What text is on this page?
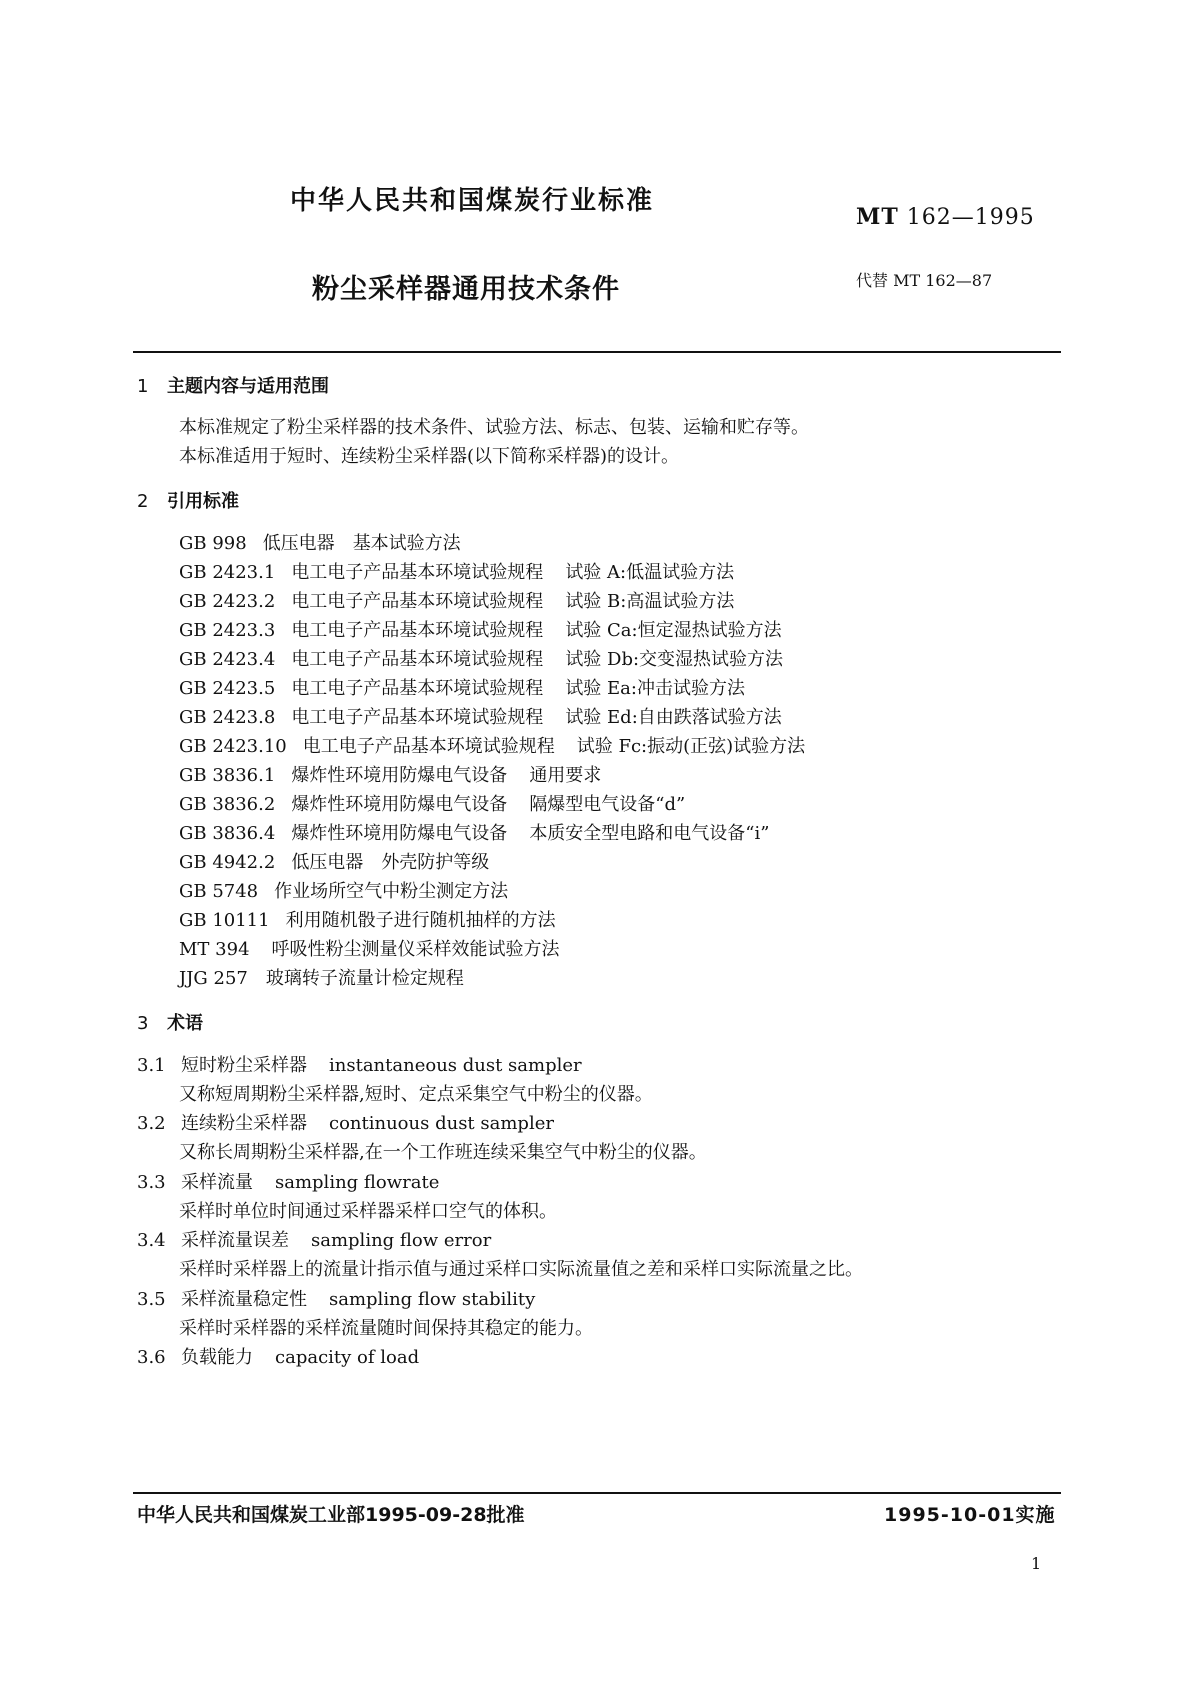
中华人民共和国煤炭行业标准
MT 162—1995
粉尘采样器通用技术条件	代替 MT 162—87
1 主题内容与适用范围
本标准规定了粉尘采样器的技术条件、试验方法、标志、包装、运输和贮存等。
本标准适用于短时、连续粉尘采样器(以下简称采样器)的设计。
2 引用标准
GB 998 低压电器 基本试验方法
GB 2423.1 电工电子产品基本环境试验规程 试验 A:低温试验方法
GB 2423.2 电工电子产品基本环境试验规程 试验 B:高温试验方法
GB 2423.3 电工电子产品基本环境试验规程 试验 Ca:恒定湿热试验方法
GB 2423.4 电工电子产品基本环境试验规程 试验 Db:交变湿热试验方法
GB 2423.5 电工电子产品基本环境试验规程 试验 Ea:冲击试验方法
GB 2423.8 电工电子产品基本环境试验规程 试验 Ed:自由跌落试验方法
GB 2423.10 电工电子产品基本环境试验规程 试验 Fc:振动(正弦)试验方法
GB 3836.1 爆炸性环境用防爆电气设备 通用要求
GB 3836.2 爆炸性环境用防爆电气设备 隔爆型电气设备“d”
GB 3836.4 爆炸性环境用防爆电气设备 本质安全型电路和电气设备“i”
GB 4942.2 低压电器 外壳防护等级
GB 5748 作业场所空气中粉尘测定方法
GB 10111 利用随机骰子进行随机抽样的方法
MT 394 呼吸性粉尘测量仪采样效能试验方法
JJG 257 玻璃转子流量计检定规程
3 术语
3.1 短时粉尘采样器 instantaneous dust sampler
又称短周期粉尘采样器,短时、定点采集空气中粉尘的仪器。
3.2 连续粉尘采样器 continuous dust sampler
又称长周期粉尘采样器,在一个工作班连续采集空气中粉尘的仪器。
3.3 采样流量 sampling flowrate
采样时单位时间通过采样器采样口空气的体积。
3.4 采样流量误差 sampling flow error
采样时采样器上的流量计指示值与通过采样口实际流量值之差和采样口实际流量之比。
3.5 采样流量稳定性 sampling flow stability
采样时采样器的采样流量随时间保持其稳定的能力。
3.6 负载能力 capacity of load
中华人民共和国煤炭工业部1995-09-28批准	1995-10-01实施
1
